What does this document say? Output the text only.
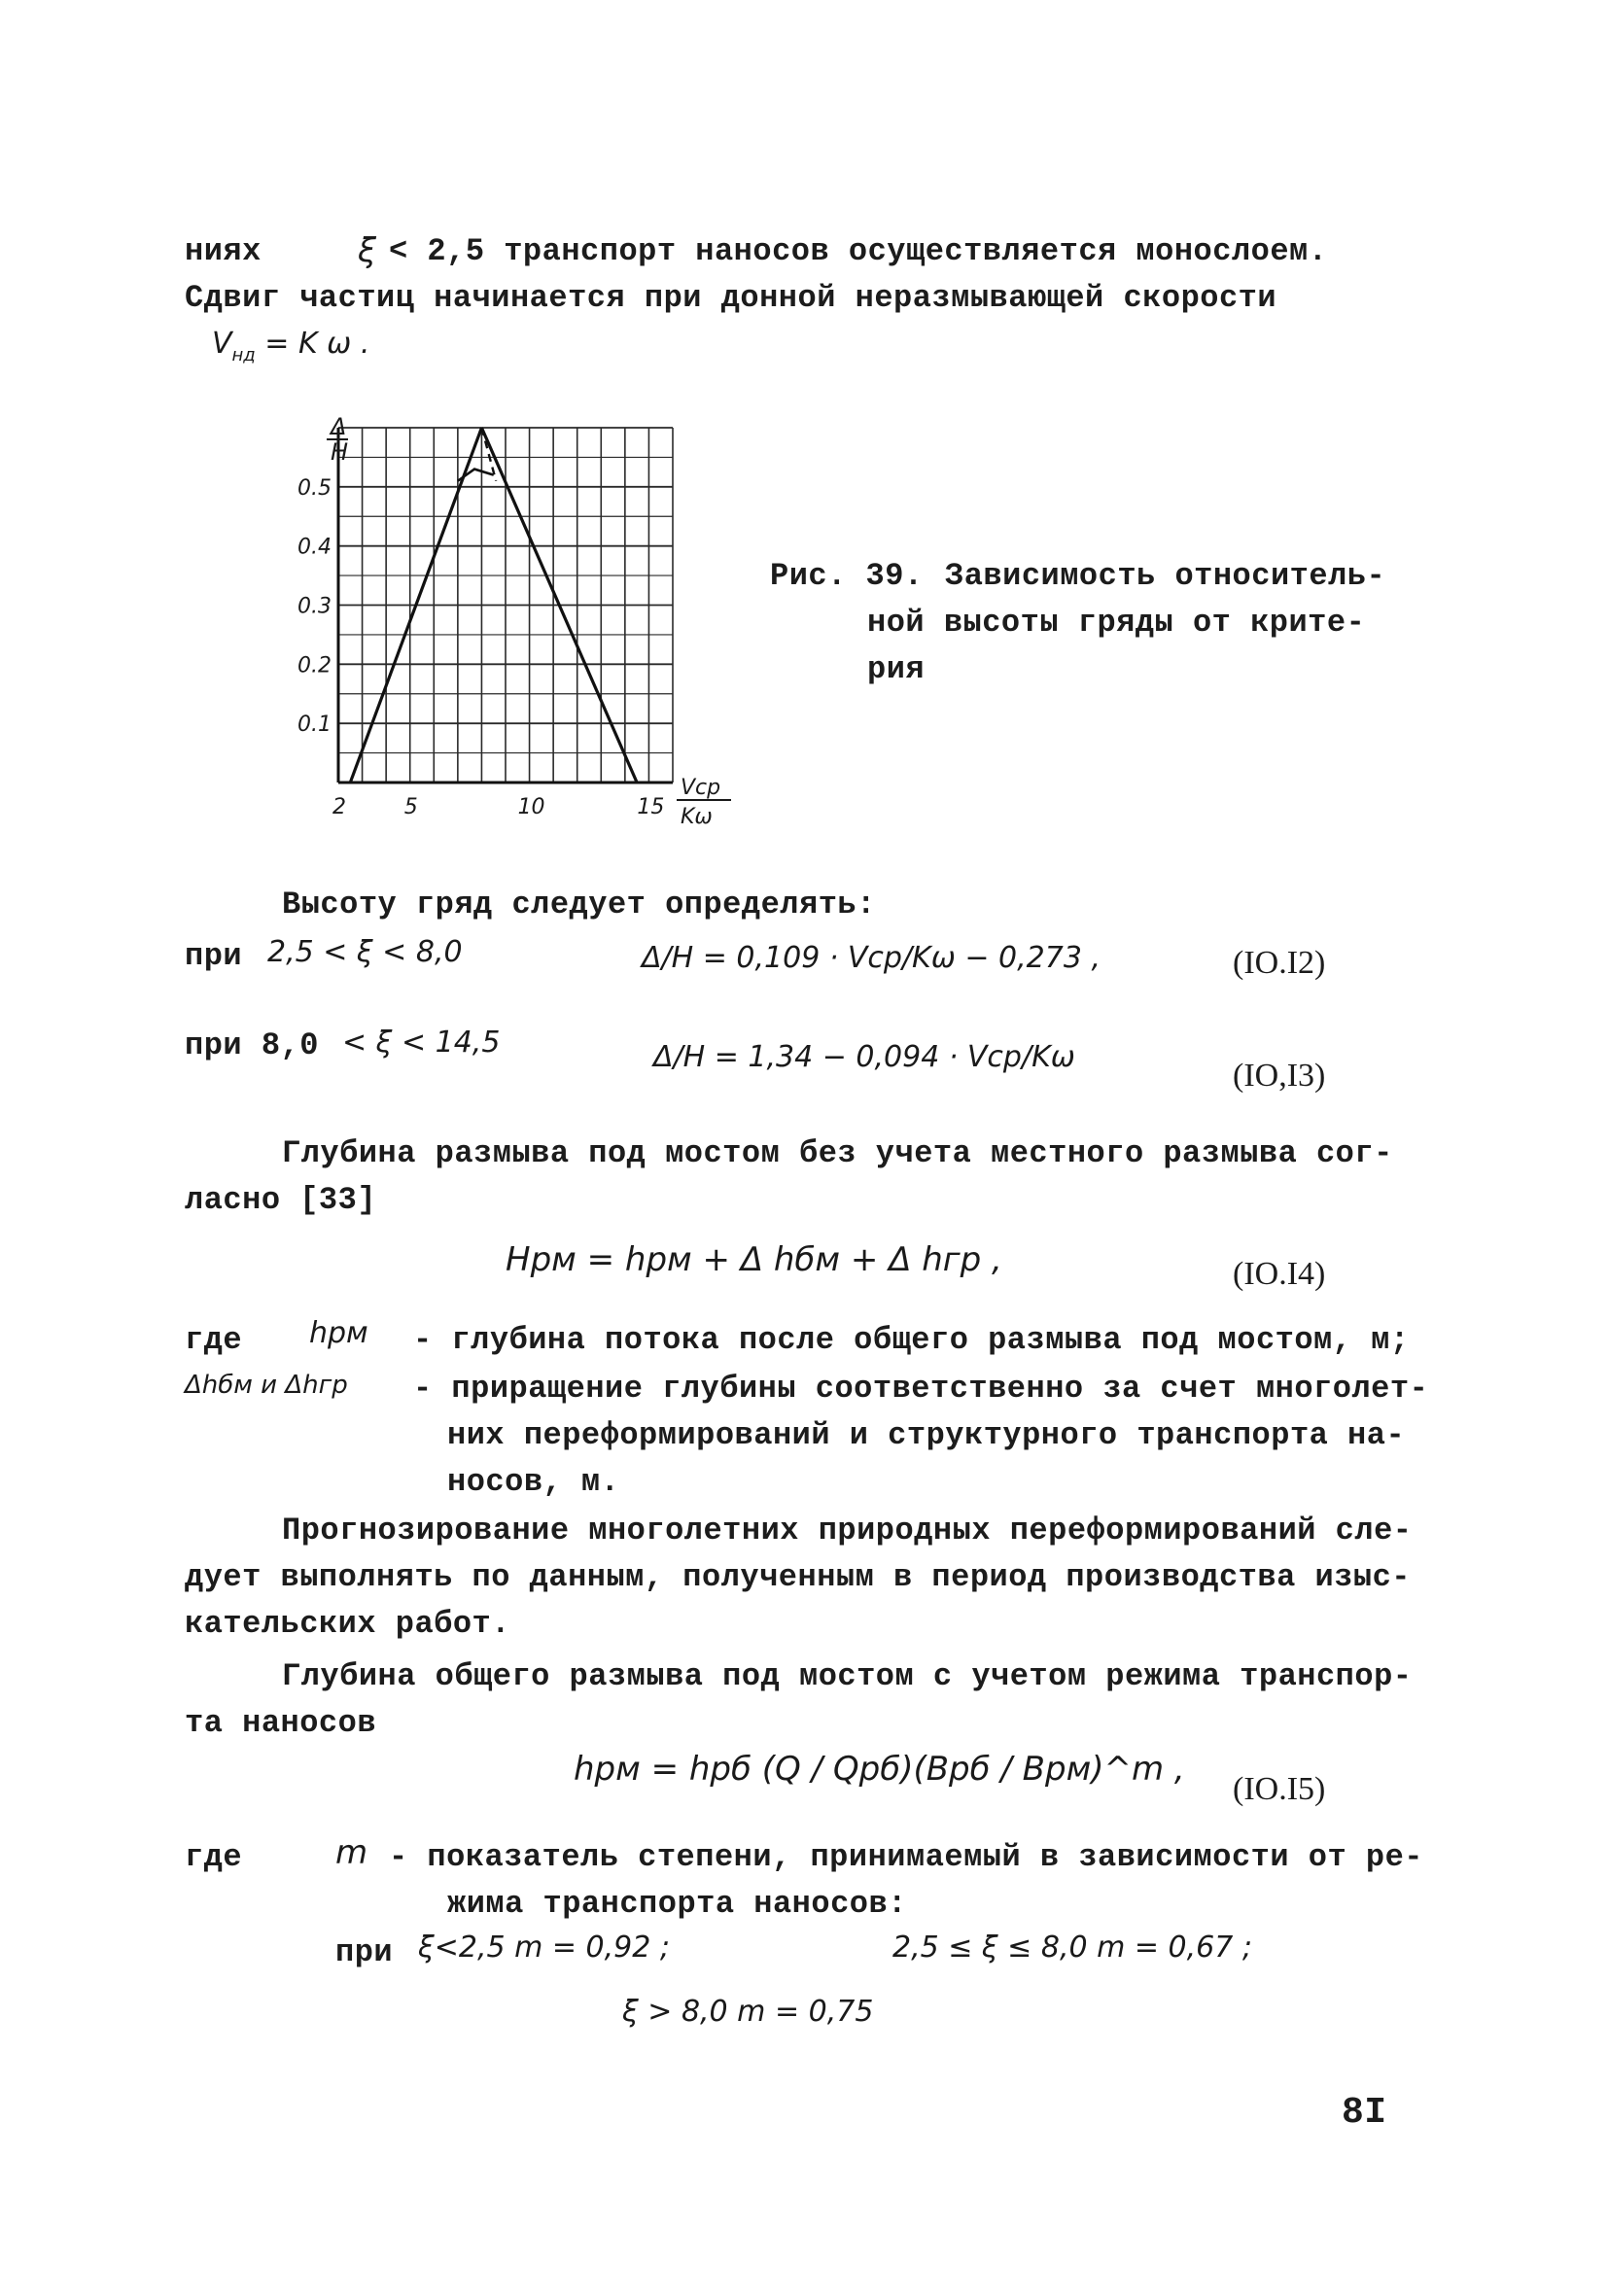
ниях	ξ < 2,5 транспорт наносов осуществляется монослоем.
Сдвиг частиц начинается при донной неразмывающей скорости
$V_{нд} = K$ ω .
2	5	10	15
0.1
0.2
0.3
0.4
0.5
Δ
H
Vср
Kω
Рис. 39. Зависимость относитель-
ной высоты гряды от крите-
рия
Высоту гряд следует определять:
при 2,5 < ξ < 8,0	Δ/H = 0,109 · Vср/Kω − 0,273 ,	(IO.I2)
при 8,0 < ξ < 14,5	Δ/H = 1,34 − 0,094 · Vср/Kω
(IO,I3)
Глубина размыва под мостом без учета местного размыва сог-
ласно [33]
Hрм = hрм + Δ hбм + Δ hгр ,	(IO.I4)
где hрм - глубина потока после общего размыва под мостом, м;
Δhбм и Δhгр - приращение глубины соответственно за счет многолет-
них переформирований и структурного транспорта на-
носов, м.
Прогнозирование многолетних природных переформирований сле-
дует выполнять по данным, полученным в период производства изыс-
кательских работ.
Глубина общего размыва под мостом с учетом режима транспор-
та наносов
hрм = hрб (Q / Qрб)(Bрб / Bрм)^m ,
(IO.I5)
где	m - показатель степени, принимаемый в зависимости от ре-
жима транспорта наносов:
при ξ<2,5 m = 0,92 ;	2,5 ≤ ξ ≤ 8,0 m = 0,67 ;
ξ > 8,0 m = 0,75
8I
